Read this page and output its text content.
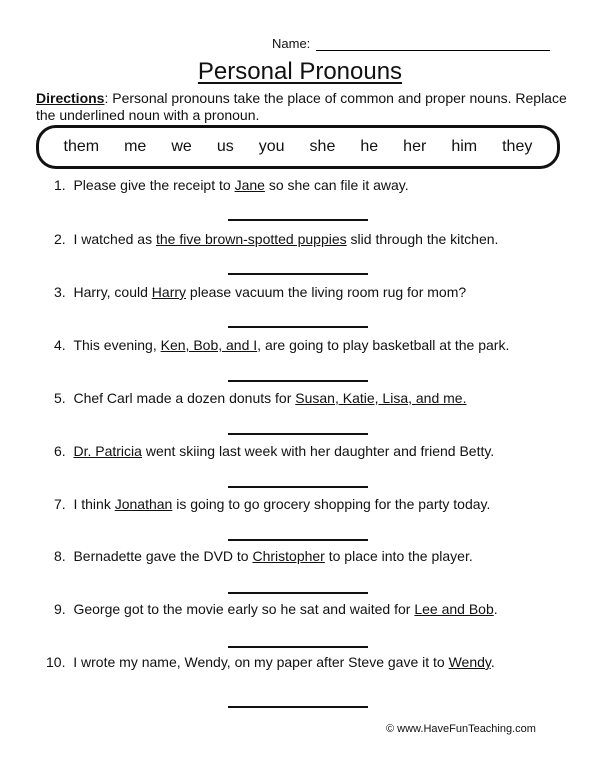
Name:
Personal Pronouns
Directions: Personal pronouns take the place of common and proper nouns. Replace the underlined noun with a pronoun.
them me we us you she he her him they
1. Please give the receipt to Jane so she can file it away.
2. I watched as the five brown-spotted puppies slid through the kitchen.
3. Harry, could Harry please vacuum the living room rug for mom?
4. This evening, Ken, Bob, and I, are going to play basketball at the park.
5. Chef Carl made a dozen donuts for Susan, Katie, Lisa, and me.
6. Dr. Patricia went skiing last week with her daughter and friend Betty.
7. I think Jonathan is going to go grocery shopping for the party today.
8. Bernadette gave the DVD to Christopher to place into the player.
9. George got to the movie early so he sat and waited for Lee and Bob.
10. I wrote my name, Wendy, on my paper after Steve gave it to Wendy.
© www.HaveFunTeaching.com
